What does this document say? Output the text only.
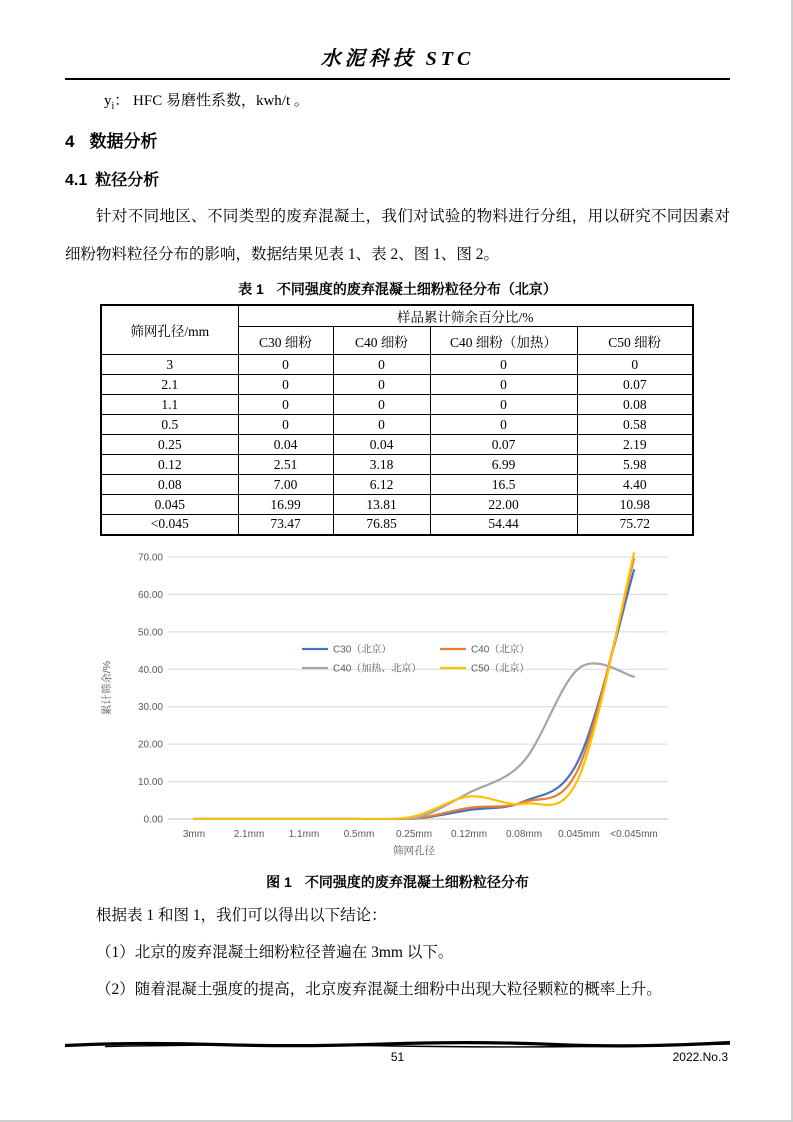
水泥科技 STC
$y_i$： HFC 易磨性系数，kwh/t 。
4 数据分析
4.1 粒径分析

针对不同地区、不同类型的废弃混凝土，我们对试验的物料进行分组，用以研究不同因素对细粉物料粒径分布的影响，数据结果见表 1、表 2、图 1、图 2。

表 1 不同强度的废弃混凝土细粉粒径分布（北京）
筛网孔径/mm	样品累计筛余百分比/%			
	C30 细粉	C40 细粉	C40 细粉（加热）	C50 细粉
3	0	0	0	0
2.1	0	0	0	0.07
1.1	0	0	0	0.08
0.5	0	0	0	0.58
0.25	0.04	0.04	0.07	2.19
0.12	2.51	3.18	6.99	5.98
0.08	7.00	6.12	16.5	4.40
0.045	16.99	13.81	22.00	10.98
<0.045	73.47	76.85	54.44	75.72
0.00
10.00
20.00
30.00
40.00
50.00
60.00
70.00
3mm	2.1mm 1.1mm 0.5mm 0.25mm 0.12mm 0.08mm 0.045mm <0.045mm
筛网孔径
累计筛余/%
C30（北京）	C40（北京）
C40（加热、北京）	C50（北京）
图 1 不同强度的废弃混凝土细粉粒径分布

根据表 1 和图 1，我们可以得出以下结论：

（1）北京的废弃混凝土细粉粒径普遍在 3mm 以下。

（2）随着混凝土强度的提高，北京废弃混凝土细粉中出现大粒径颗粒的概率上升。

51	2022.No.3
